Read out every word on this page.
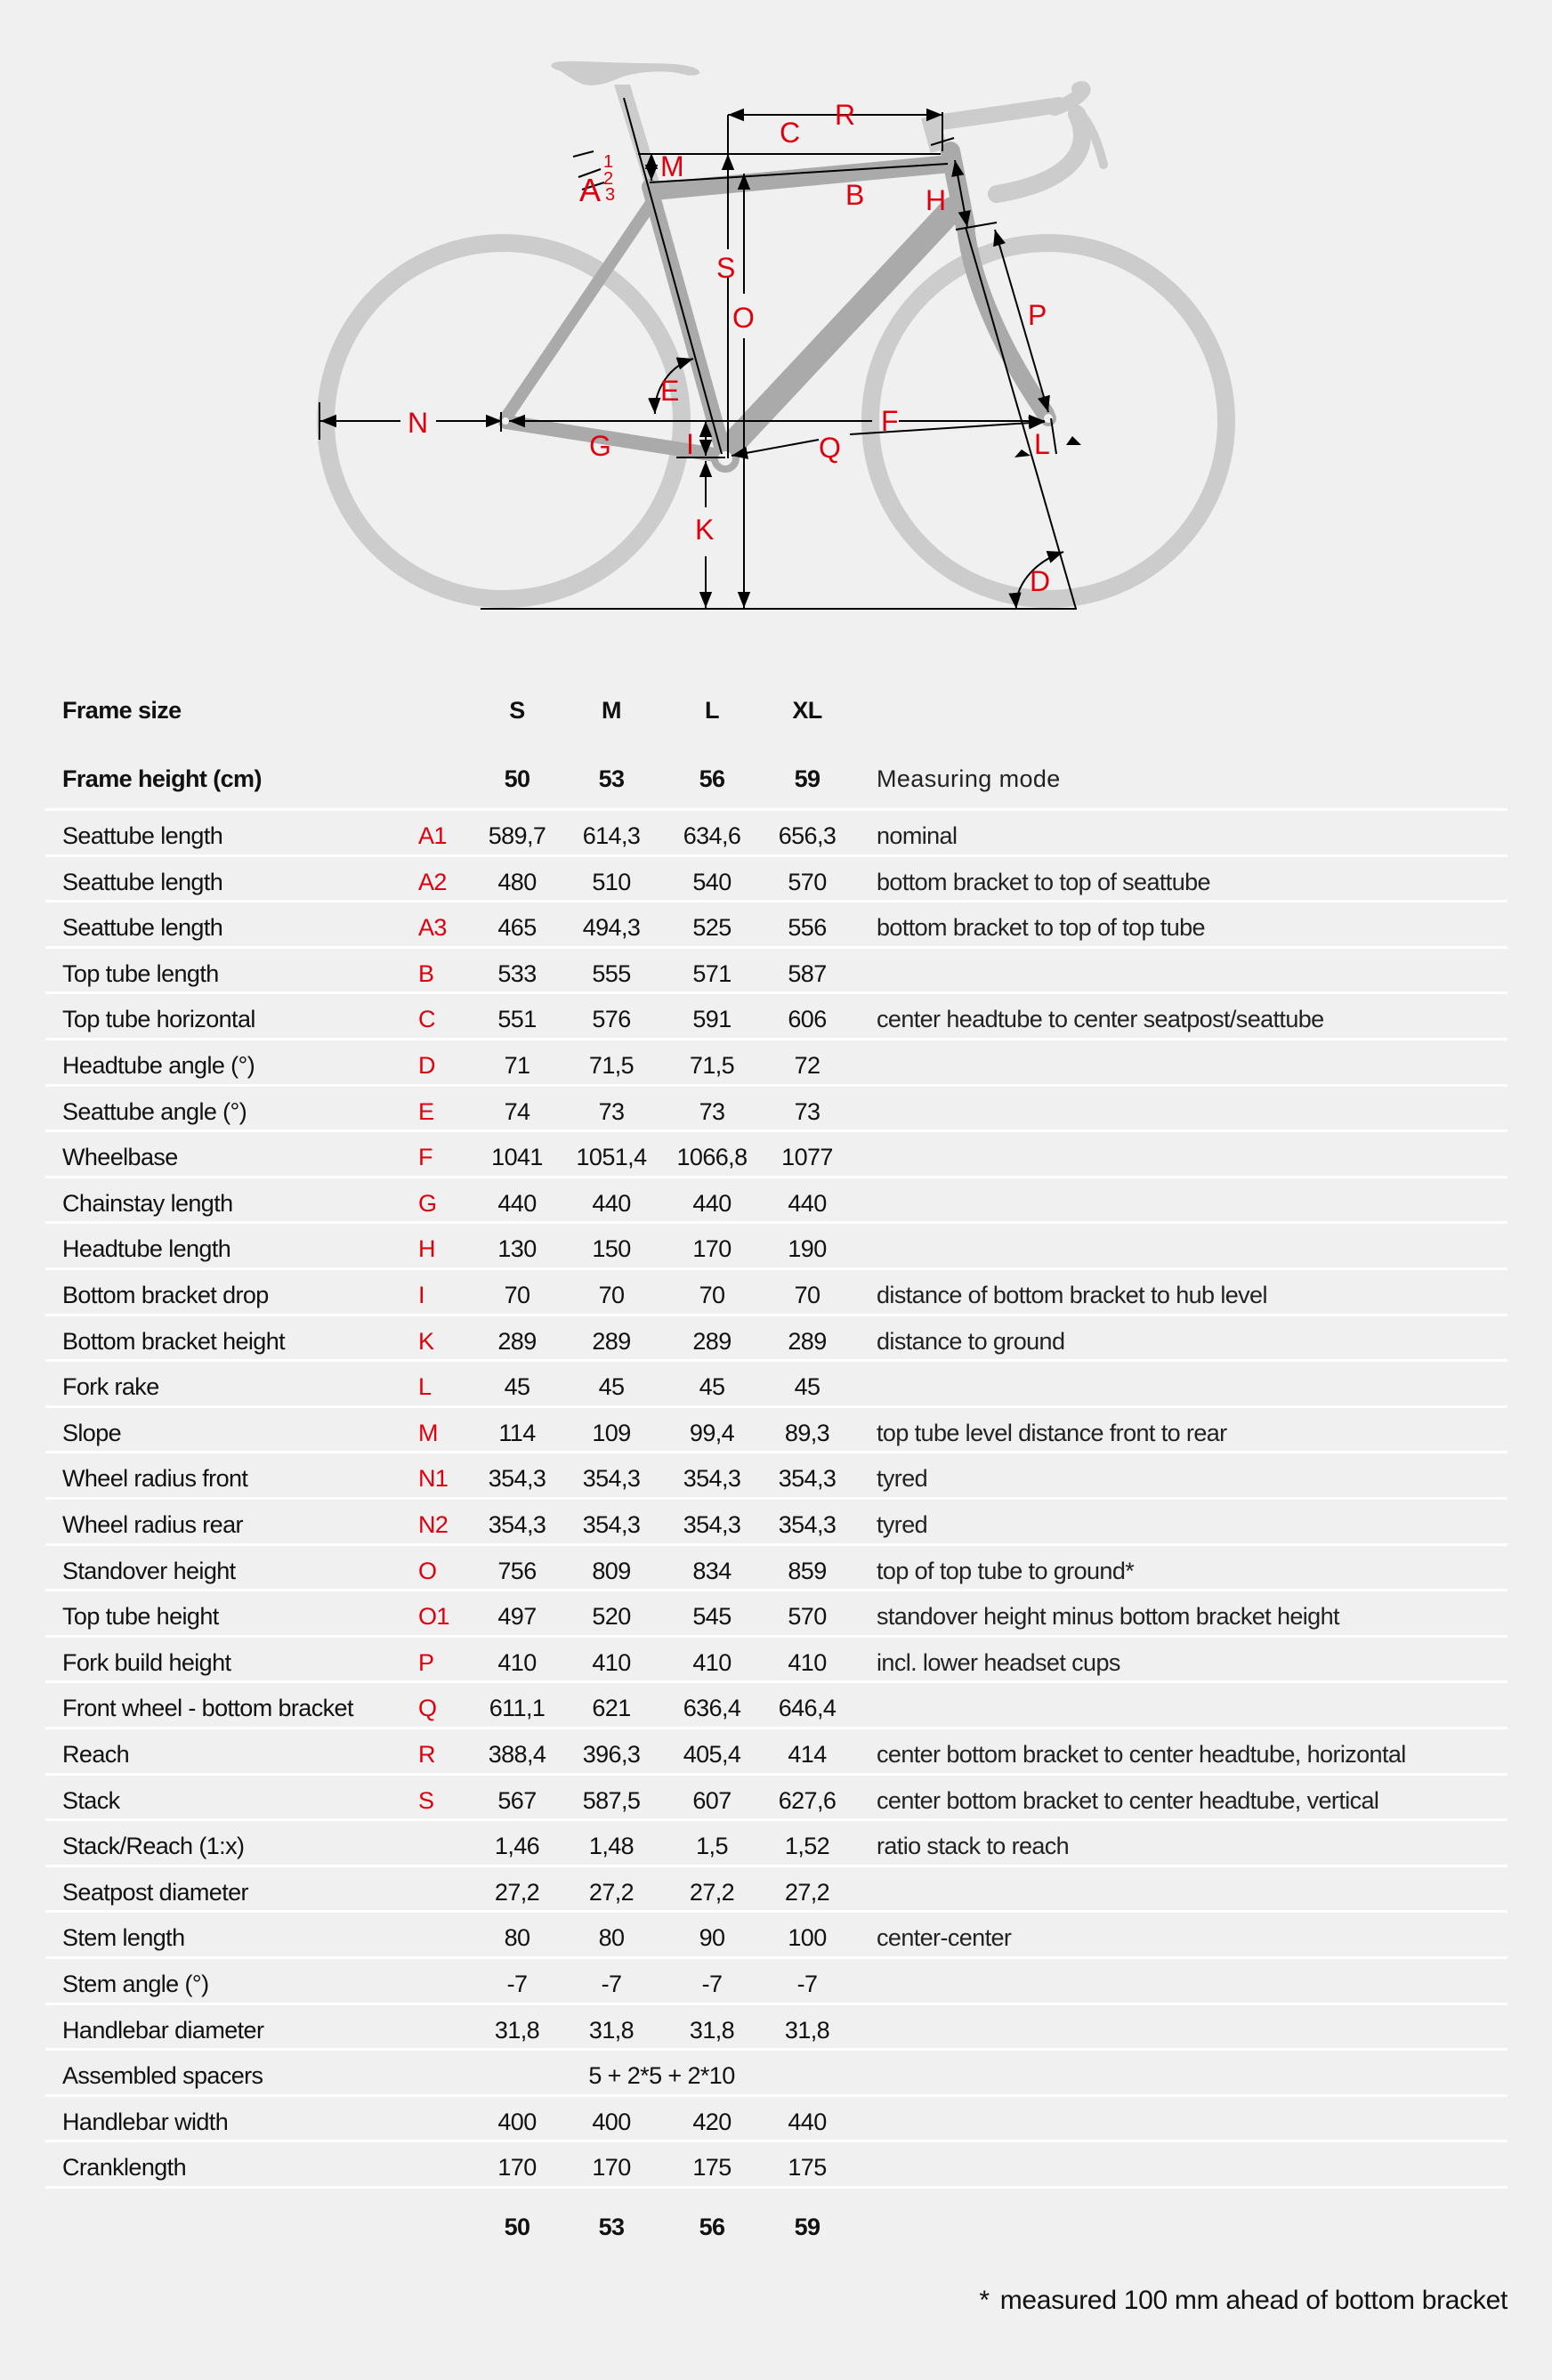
A
1
2
3
M
C
R
B H
S
O	P
E
N	F
G	I	Q	L
K
D
Frame size	S	M	L	XL
Frame height (cm)	50	53	56	59	Measuring mode
Seattube length	A1	589,7	614,3	634,6	656,3	nominal
Seattube length	A2	480	510	540	570	bottom bracket to top of seattube
Seattube length	A3	465	494,3	525	556	bottom bracket to top of top tube
Top tube length	B	533	555	571	587
Top tube horizontal	C	551	576	591	606	center headtube to center seatpost/seattube
Headtube angle (°)	D	71	71,5	71,5	72
Seattube angle (°)	E	74	73	73	73
Wheelbase	F	1041	1051,4	1066,8	1077
Chainstay length	G	440	440	440	440
Headtube length	H	130	150	170	190
Bottom bracket drop	I	70	70	70	70	distance of bottom bracket to hub level
Bottom bracket height	K	289	289	289	289	distance to ground
Fork rake	L	45	45	45	45
Slope	M	114	109	99,4	89,3	top tube level distance front to rear
Wheel radius front	N1	354,3	354,3	354,3	354,3	tyred
Wheel radius rear	N2	354,3	354,3	354,3	354,3	tyred
Standover height	O	756	809	834	859	top of top tube to ground*
Top tube height	O1	497	520	545	570	standover height minus bottom bracket height
Fork build height	P	410	410	410	410	incl. lower headset cups
Front wheel - bottom bracket	Q	611,1	621	636,4	646,4
Reach	R	388,4	396,3	405,4	414	center bottom bracket to center headtube, horizontal
Stack	S	567	587,5	607	627,6	center bottom bracket to center headtube, vertical
Stack/Reach (1:x)	1,46	1,48	1,5	1,52	ratio stack to reach
Seatpost diameter	27,2	27,2	27,2	27,2
Stem length	80	80	90	100	center-center
Stem angle (°)	-7	-7	-7	-7
Handlebar diameter	31,8	31,8	31,8	31,8
Assembled spacers	5 + 2*5 + 2*10
Handlebar width	400	400	420	440
Cranklength	170	170	175	175
50	53	56	59
* measured 100 mm ahead of bottom bracket
